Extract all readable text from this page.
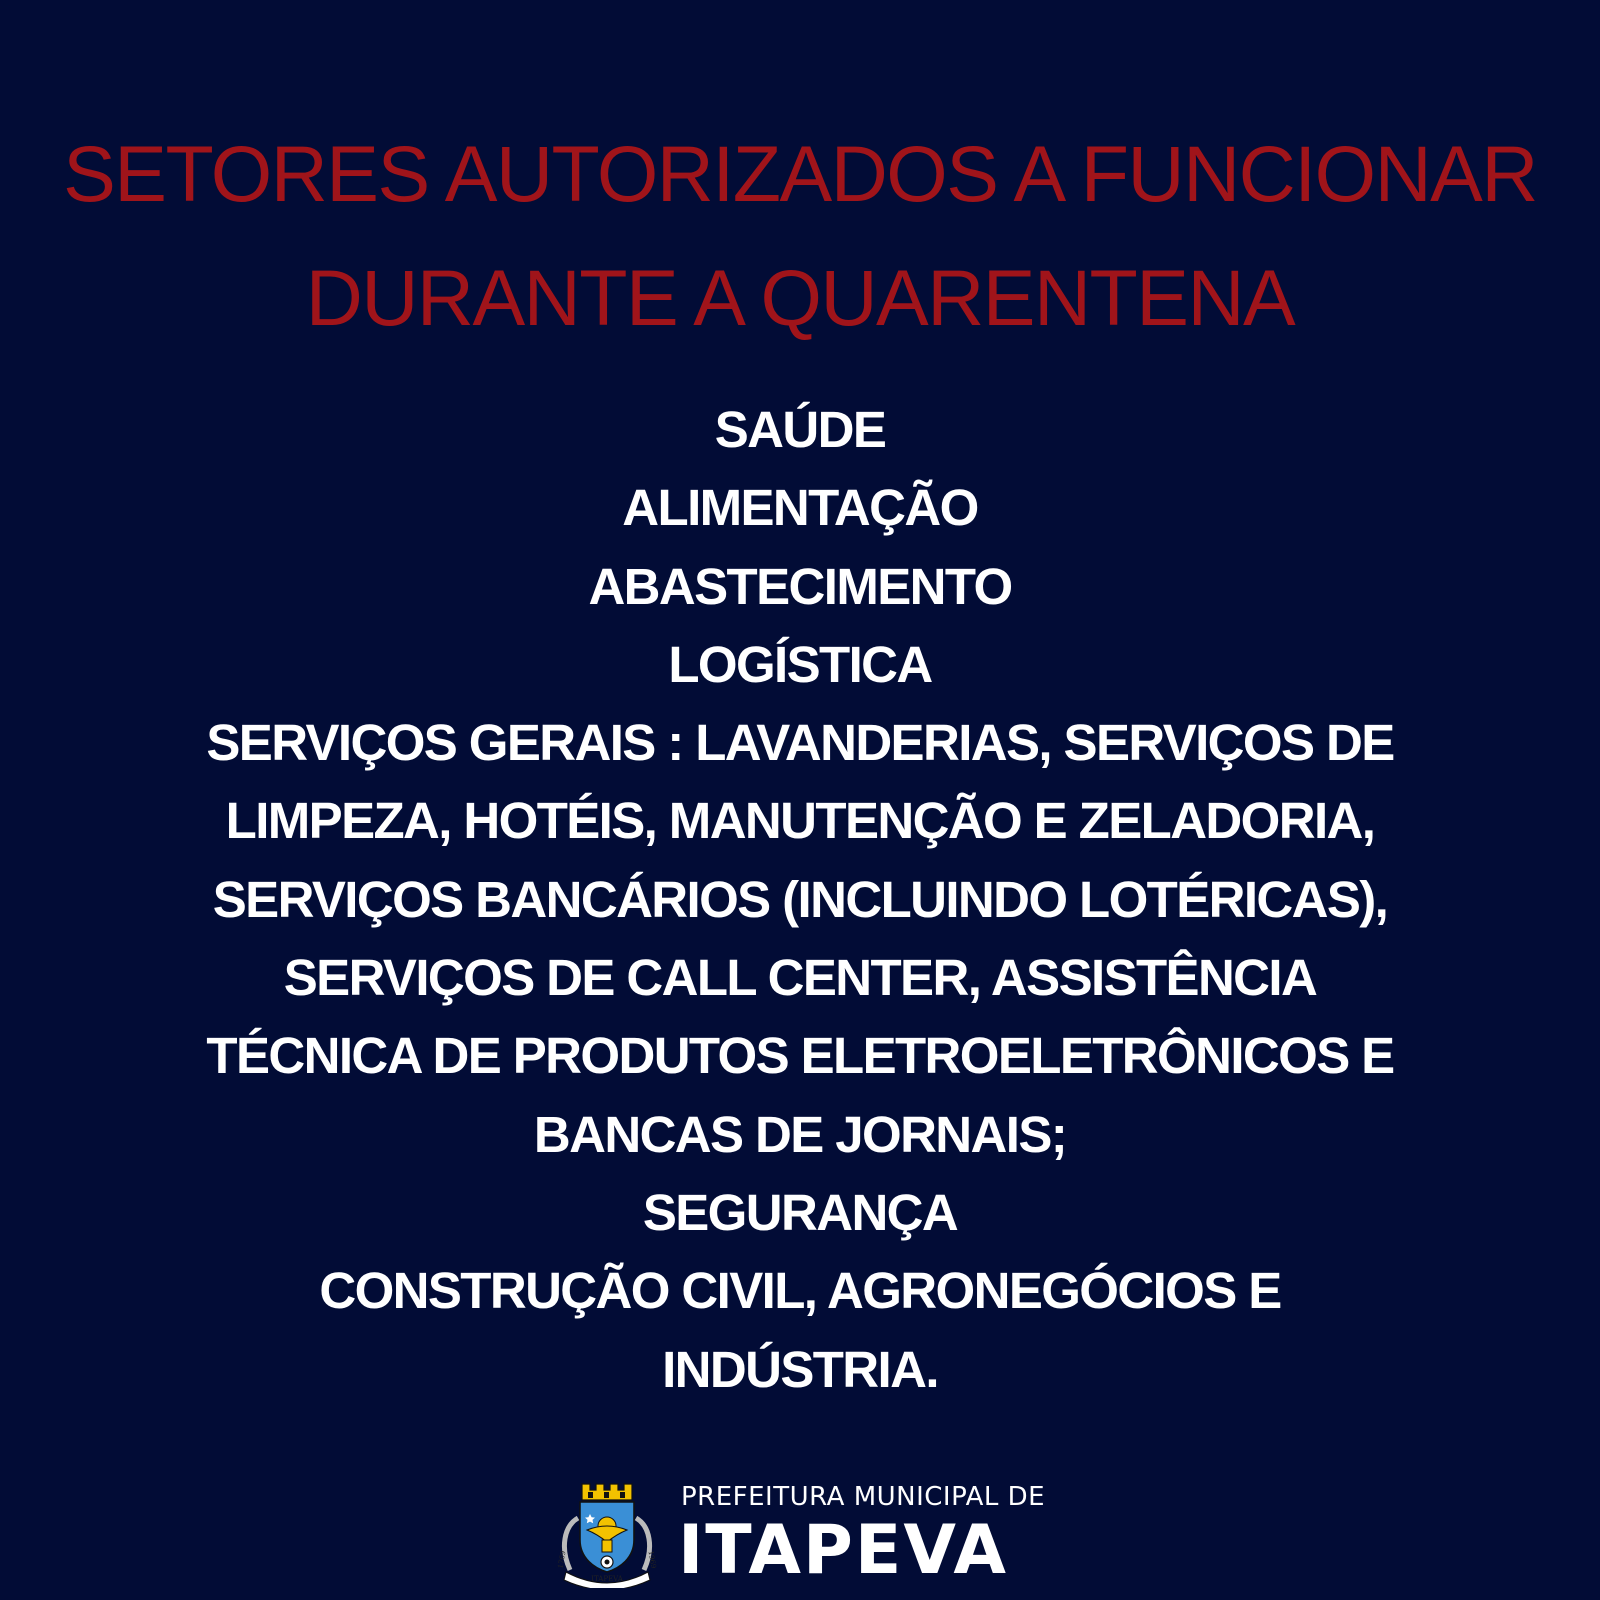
SETORES AUTORIZADOS A FUNCIONAR
DURANTE A QUARENTENA
SAÚDE
ALIMENTAÇÃO
ABASTECIMENTO
LOGÍSTICA
SERVIÇOS GERAIS : LAVANDERIAS, SERVIÇOS DE
LIMPEZA, HOTÉIS, MANUTENÇÃO E ZELADORIA,
SERVIÇOS BANCÁRIOS (INCLUINDO LOTÉRICAS),
SERVIÇOS DE CALL CENTER, ASSISTÊNCIA
TÉCNICA DE PRODUTOS ELETROELETRÔNICOS E
BANCAS DE JORNAIS;
SEGURANÇA
CONSTRUÇÃO CIVIL, AGRONEGÓCIOS E
INDÚSTRIA.
ITAPEVA
1769	1969
PREFEITURA MUNICIPAL DE
ITAPEVA
